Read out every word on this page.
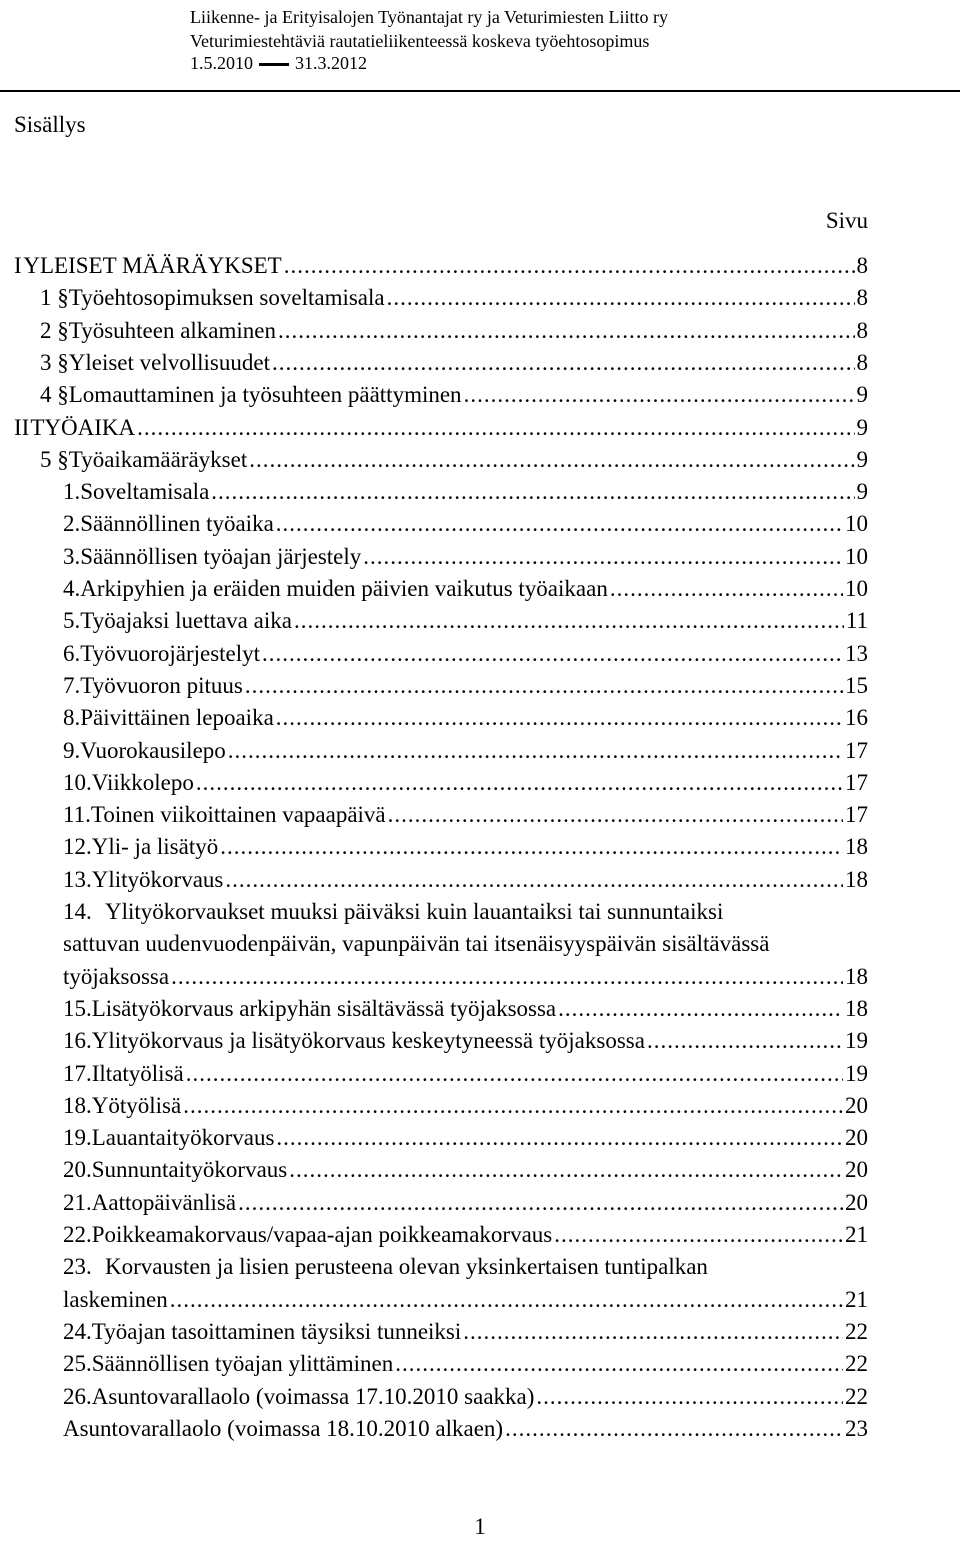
Liikenne- ja Erityisalojen Työnantajat ry ja Veturimiesten Liitto ry
Veturimiestehtäviä rautatieliikenteessä koskeva työehtosopimus
1.5.2010 31.3.2012
Sisällys
Sivu
I YLEISET MÄÄRÄYKSET .....	8
1 § Työehtosopimuksen soveltamisala .....	8
2 § Työsuhteen alkaminen .....	8
3 § Yleiset velvollisuudet .....	8
4 § Lomauttaminen ja työsuhteen päättyminen .....	9
II TYÖAIKA .....	9
5 § Työaikamääräykset .....	9
1. Soveltamisala .....	9
2. Säännöllinen työaika .....	10
3. Säännöllisen työajan järjestely .....	10
4. Arkipyhien ja eräiden muiden päivien vaikutus työaikaan .....	10
5. Työajaksi luettava aika .....	11
6. Työvuorojärjestelyt .....	13
7. Työvuoron pituus .....	15
8. Päivittäinen lepoaika .....	16
9. Vuorokausilepo .....	17
10. Viikkolepo .....	17
11. Toinen viikoittainen vapaapäivä .....	17
12. Yli- ja lisätyö .....	18
13. Ylityökorvaus .....	18
14. Ylityökorvaukset muuksi päiväksi kuin lauantaiksi tai sunnuntaiksi
sattuvan uudenvuodenpäivän, vapunpäivän tai itsenäisyyspäivän sisältävässä
työjaksossa .....	18
15. Lisätyökorvaus arkipyhän sisältävässä työjaksossa .....	18
16. Ylityökorvaus ja lisätyökorvaus keskeytyneessä työjaksossa .....	19
17. Iltatyölisä .....	19
18. Yötyölisä .....	20
19. Lauantaityökorvaus .....	20
20. Sunnuntaityökorvaus .....	20
21. Aattopäivänlisä .....	20
22. Poikkeamakorvaus/vapaa-ajan poikkeamakorvaus .....	21
23. Korvausten ja lisien perusteena olevan yksinkertaisen tuntipalkan
laskeminen .....	21
24. Työajan tasoittaminen täysiksi tunneiksi .....	22
25. Säännöllisen työajan ylittäminen .....	22
26. Asuntovarallaolo (voimassa 17.10.2010 saakka) .....	22
Asuntovarallaolo (voimassa 18.10.2010 alkaen) .....	23
1
